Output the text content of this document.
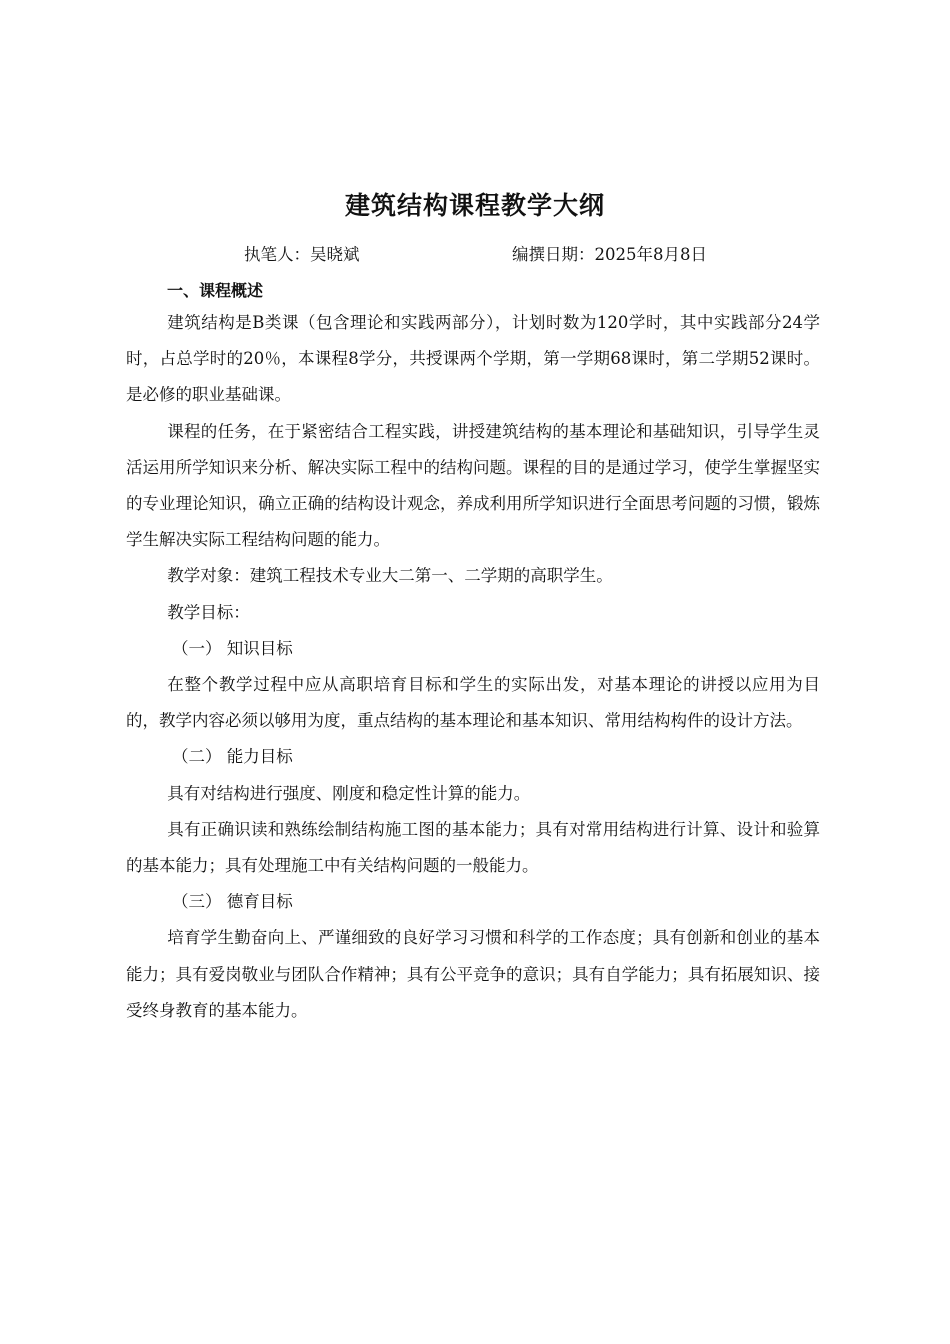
建筑结构课程教学大纲
执笔人：吴晓斌	编撰日期：2025年8月8日
一、课程概述

建筑结构是B类课（包含理论和实践两部分），计划时数为120学时，其中实践部分24学时，占总学时的20％，本课程8学分，共授课两个学期，第一学期68课时，第二学期52课时。是必修的职业基础课。

课程的任务，在于紧密结合工程实践，讲授建筑结构的基本理论和基础知识，引导学生灵活运用所学知识来分析、解决实际工程中的结构问题。课程的目的是通过学习，使学生掌握坚实的专业理论知识，确立正确的结构设计观念，养成利用所学知识进行全面思考问题的习惯，锻炼学生解决实际工程结构问题的能力。

教学对象：建筑工程技术专业大二第一、二学期的高职学生。

教学目标：

（一） 知识目标

在整个教学过程中应从高职培育目标和学生的实际出发，对基本理论的讲授以应用为目的，教学内容必须以够用为度，重点结构的基本理论和基本知识、常用结构构件的设计方法。

（二） 能力目标

具有对结构进行强度、刚度和稳定性计算的能力。

具有正确识读和熟练绘制结构施工图的基本能力；具有对常用结构进行计算、设计和验算的基本能力；具有处理施工中有关结构问题的一般能力。

（三） 德育目标

培育学生勤奋向上、严谨细致的良好学习习惯和科学的工作态度；具有创新和创业的基本能力；具有爱岗敬业与团队合作精神；具有公平竞争的意识；具有自学能力；具有拓展知识、接受终身教育的基本能力。
